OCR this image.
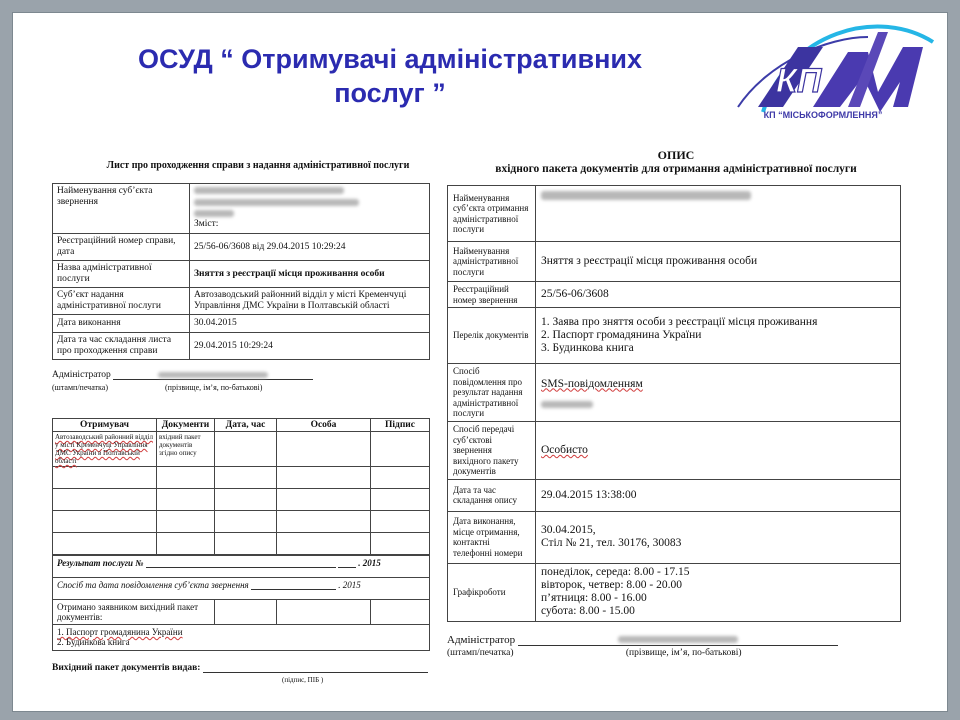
ОСУД “ Отримувачі адміністративних
послуг ”	КП
КП “МІСЬКОФОРМЛЕННЯ”
Лист про проходження справи з надання адміністративної послуги
Найменування суб’єкта звернення	Зміст:
Реєстраційний номер справи, дата	25/56-06/3608 від 29.04.2015 10:29:24
Назва адміністративної послуги	Зняття з реєстрації місця проживання особи
Суб’єкт надання адміністративної послуги	Автозаводський районний відділ у місті Кременчуці Управління ДМС України в Полтавській області
Дата виконання	30.04.2015
Дата та час складання листа про проходження справи	29.04.2015 10:29:24
Адміністратор
(штамп/печатка)	(прізвище, ім’я, по-батькові)
Отримувач	Документи	Дата, час	Особа	Підпис
Автозаводський районний відділ у місті Кременчуці Управління ДМС України в Полтавській області	вхідний пакет документів згідно опису			

Результат послуги №	. 2015
Спосіб та дата повідомлення суб’єкта звернення	. 2015
Отримано заявником вихідний пакет документів:			

1. Паспорт громадянина України
2. Будинкова книга
Вихідний пакет документів видав:
(підпис, ПІБ )
ОПИС
вхідного пакета документів для отримання адміністративної послуги
Найменування суб’єкта отримання адміністративної послуги	
Найменування адміністративної послуги	Зняття з реєстрації місця проживання особи
Реєстраційний номер звернення	25/56-06/3608
Перелік документів	1. Заява про зняття особи з реєстрації місця проживання
2. Паспорт громадянина України
3. Будинкова книга

Спосіб повідомлення про результат надання адміністративної послуги	SMS-повідомленням

Спосіб передачі суб’єктові звернення вихідного пакету документів	Особисто
Дата та час складання опису	29.04.2015 13:38:00
Дата виконання, місце отримання, контактні телефонні номери	30.04.2015,
Стіл № 21, тел. 30176, 30083

Графікроботи	понеділок, середа: 8.00 - 17.15
вівторок, четвер: 8.00 - 20.00
п’ятниця: 8.00 - 16.00
субота: 8.00 - 15.00
Адміністратор
(штамп/печатка)	(прізвище, ім’я, по-батькові)
